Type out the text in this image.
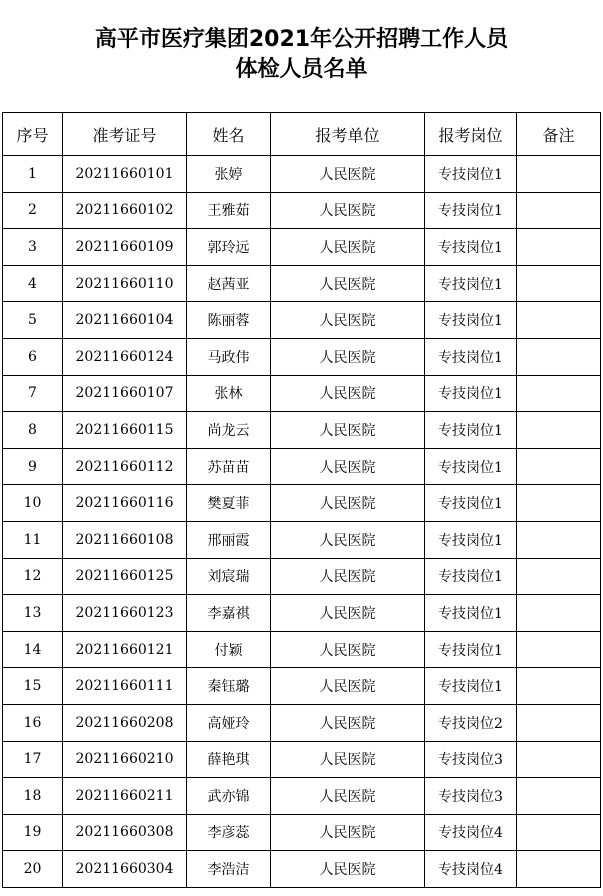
高平市医疗集团2021年公开招聘工作人员
体检人员名单
序号	准考证号	姓名	报考单位	报考岗位	备注
1	20211660101	张婷	人民医院	专技岗位1	
2	20211660102	王雅茹	人民医院	专技岗位1	
3	20211660109	郭玲远	人民医院	专技岗位1	
4	20211660110	赵茜亚	人民医院	专技岗位1	
5	20211660104	陈丽蓉	人民医院	专技岗位1	
6	20211660124	马政伟	人民医院	专技岗位1	
7	20211660107	张林	人民医院	专技岗位1	
8	20211660115	尚龙云	人民医院	专技岗位1	
9	20211660112	苏苗苗	人民医院	专技岗位1	
10	20211660116	樊夏菲	人民医院	专技岗位1	
11	20211660108	邢丽霞	人民医院	专技岗位1	
12	20211660125	刘宸瑞	人民医院	专技岗位1	
13	20211660123	李嘉祺	人民医院	专技岗位1	
14	20211660121	付颖	人民医院	专技岗位1	
15	20211660111	秦钰璐	人民医院	专技岗位1	
16	20211660208	高娅玲	人民医院	专技岗位2	
17	20211660210	薛艳琪	人民医院	专技岗位3	
18	20211660211	武亦锦	人民医院	专技岗位3	
19	20211660308	李彦蕊	人民医院	专技岗位4	
20	20211660304	李浩洁	人民医院	专技岗位4	
